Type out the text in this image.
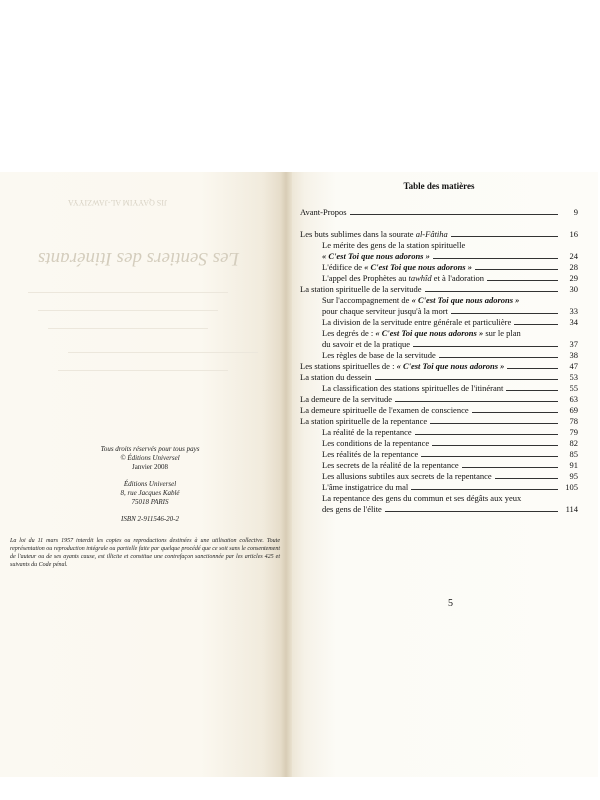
JIS QAYYIM AL-JAWZIYYA
Les Sentiers des Itinérants
Tous droits réservés pour tous pays
© Éditions Universel
Janvier 2008
Éditions Universel
8, rue Jacques Kablé
75018 PARIS
ISBN 2-911546-20-2
La loi du 11 mars 1957 interdit les copies ou reproductions destinées à une utilisation collective. Toute représentation ou reproduction intégrale ou partielle faite par quelque procédé que ce soit sans le consentement de l'auteur ou de ses ayants cause, est illicite et constitue une contrefaçon sanctionnée par les articles 425 et suivants du Code pénal.
Table des matières
Avant-Propos	9
Les buts sublimes dans la sourate al-Fâtiha	16
Le mérite des gens de la station spirituelle
« C'est Toi que nous adorons »	24
L'édifice de « C'est Toi que nous adorons »	28
L'appel des Prophètes au tawhîd et à l'adoration	29
La station spirituelle de la servitude	30
Sur l'accompagnement de « C'est Toi que nous adorons »
pour chaque serviteur jusqu'à la mort	33
La division de la servitude entre générale et particulière	34
Les degrés de : « C'est Toi que nous adorons » sur le plan
du savoir et de la pratique	37
Les règles de base de la servitude	38
Les stations spirituelles de : « C'est Toi que nous adorons »	47
La station du dessein	53
La classification des stations spirituelles de l'itinérant	55
La demeure de la servitude	63
La demeure spirituelle de l'examen de conscience	69
La station spirituelle de la repentance	78
La réalité de la repentance	79
Les conditions de la repentance	82
Les réalités de la repentance	85
Les secrets de la réalité de la repentance	91
Les allusions subtiles aux secrets de la repentance	95
L'âme instigatrice du mal	105
La repentance des gens du commun et ses dégâts aux yeux
des gens de l'élite	114
5
